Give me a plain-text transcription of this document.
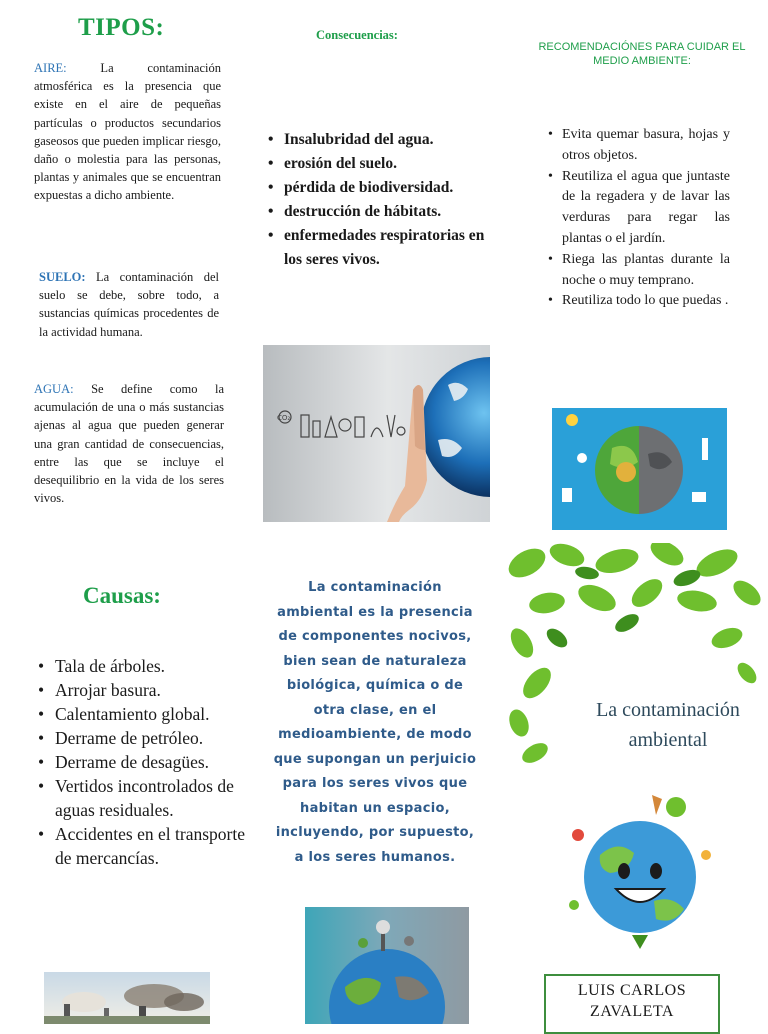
TIPOS:
AIRE: La contaminación atmosférica es la presencia que existe en el aire de pequeñas partículas o productos secundarios gaseosos que pueden implicar riesgo, daño o molestia para las personas, plantas y animales que se encuentran expuestas a dicho ambiente.
SUELO: La contaminación del suelo se debe, sobre todo, a sustancias químicas procedentes de la actividad humana.
AGUA: Se define como la acumulación de una o más sustancias ajenas al agua que pueden generar una gran cantidad de consecuencias, entre las que se incluye el desequilibrio en la vida de los seres vivos.
Causas:
• Tala de árboles.
• Arrojar basura.
• Calentamiento global.
• Derrame de petróleo.
• Derrame de desagües.
• Vertidos incontrolados de aguas residuales.
• Accidentes en el transporte de mercancías.
Consecuencias:
• Insalubridad del agua.
• erosión del suelo.
• pérdida de biodiversidad.
• destrucción de hábitats.
• enfermedades respiratorias en los seres vivos.
CO₂
La contaminación ambiental es la presencia de componentes nocivos, bien sean de naturaleza biológica, química o de otra clase, en el medioambiente, de modo que supongan un perjuicio para los seres vivos que habitan un espacio, incluyendo, por supuesto, a los seres humanos.
RECOMENDACIÓNES PARA CUIDAR EL MEDIO AMBIENTE:
• Evita quemar basura, hojas y otros objetos.
• Reutiliza el agua que juntaste de la regadera y de lavar las verduras para regar las plantas o el jardín.
• Riega las plantas durante la noche o muy temprano.
• Reutiliza todo lo que puedas .
La contaminación
ambiental
LUIS CARLOS
ZAVALETA
